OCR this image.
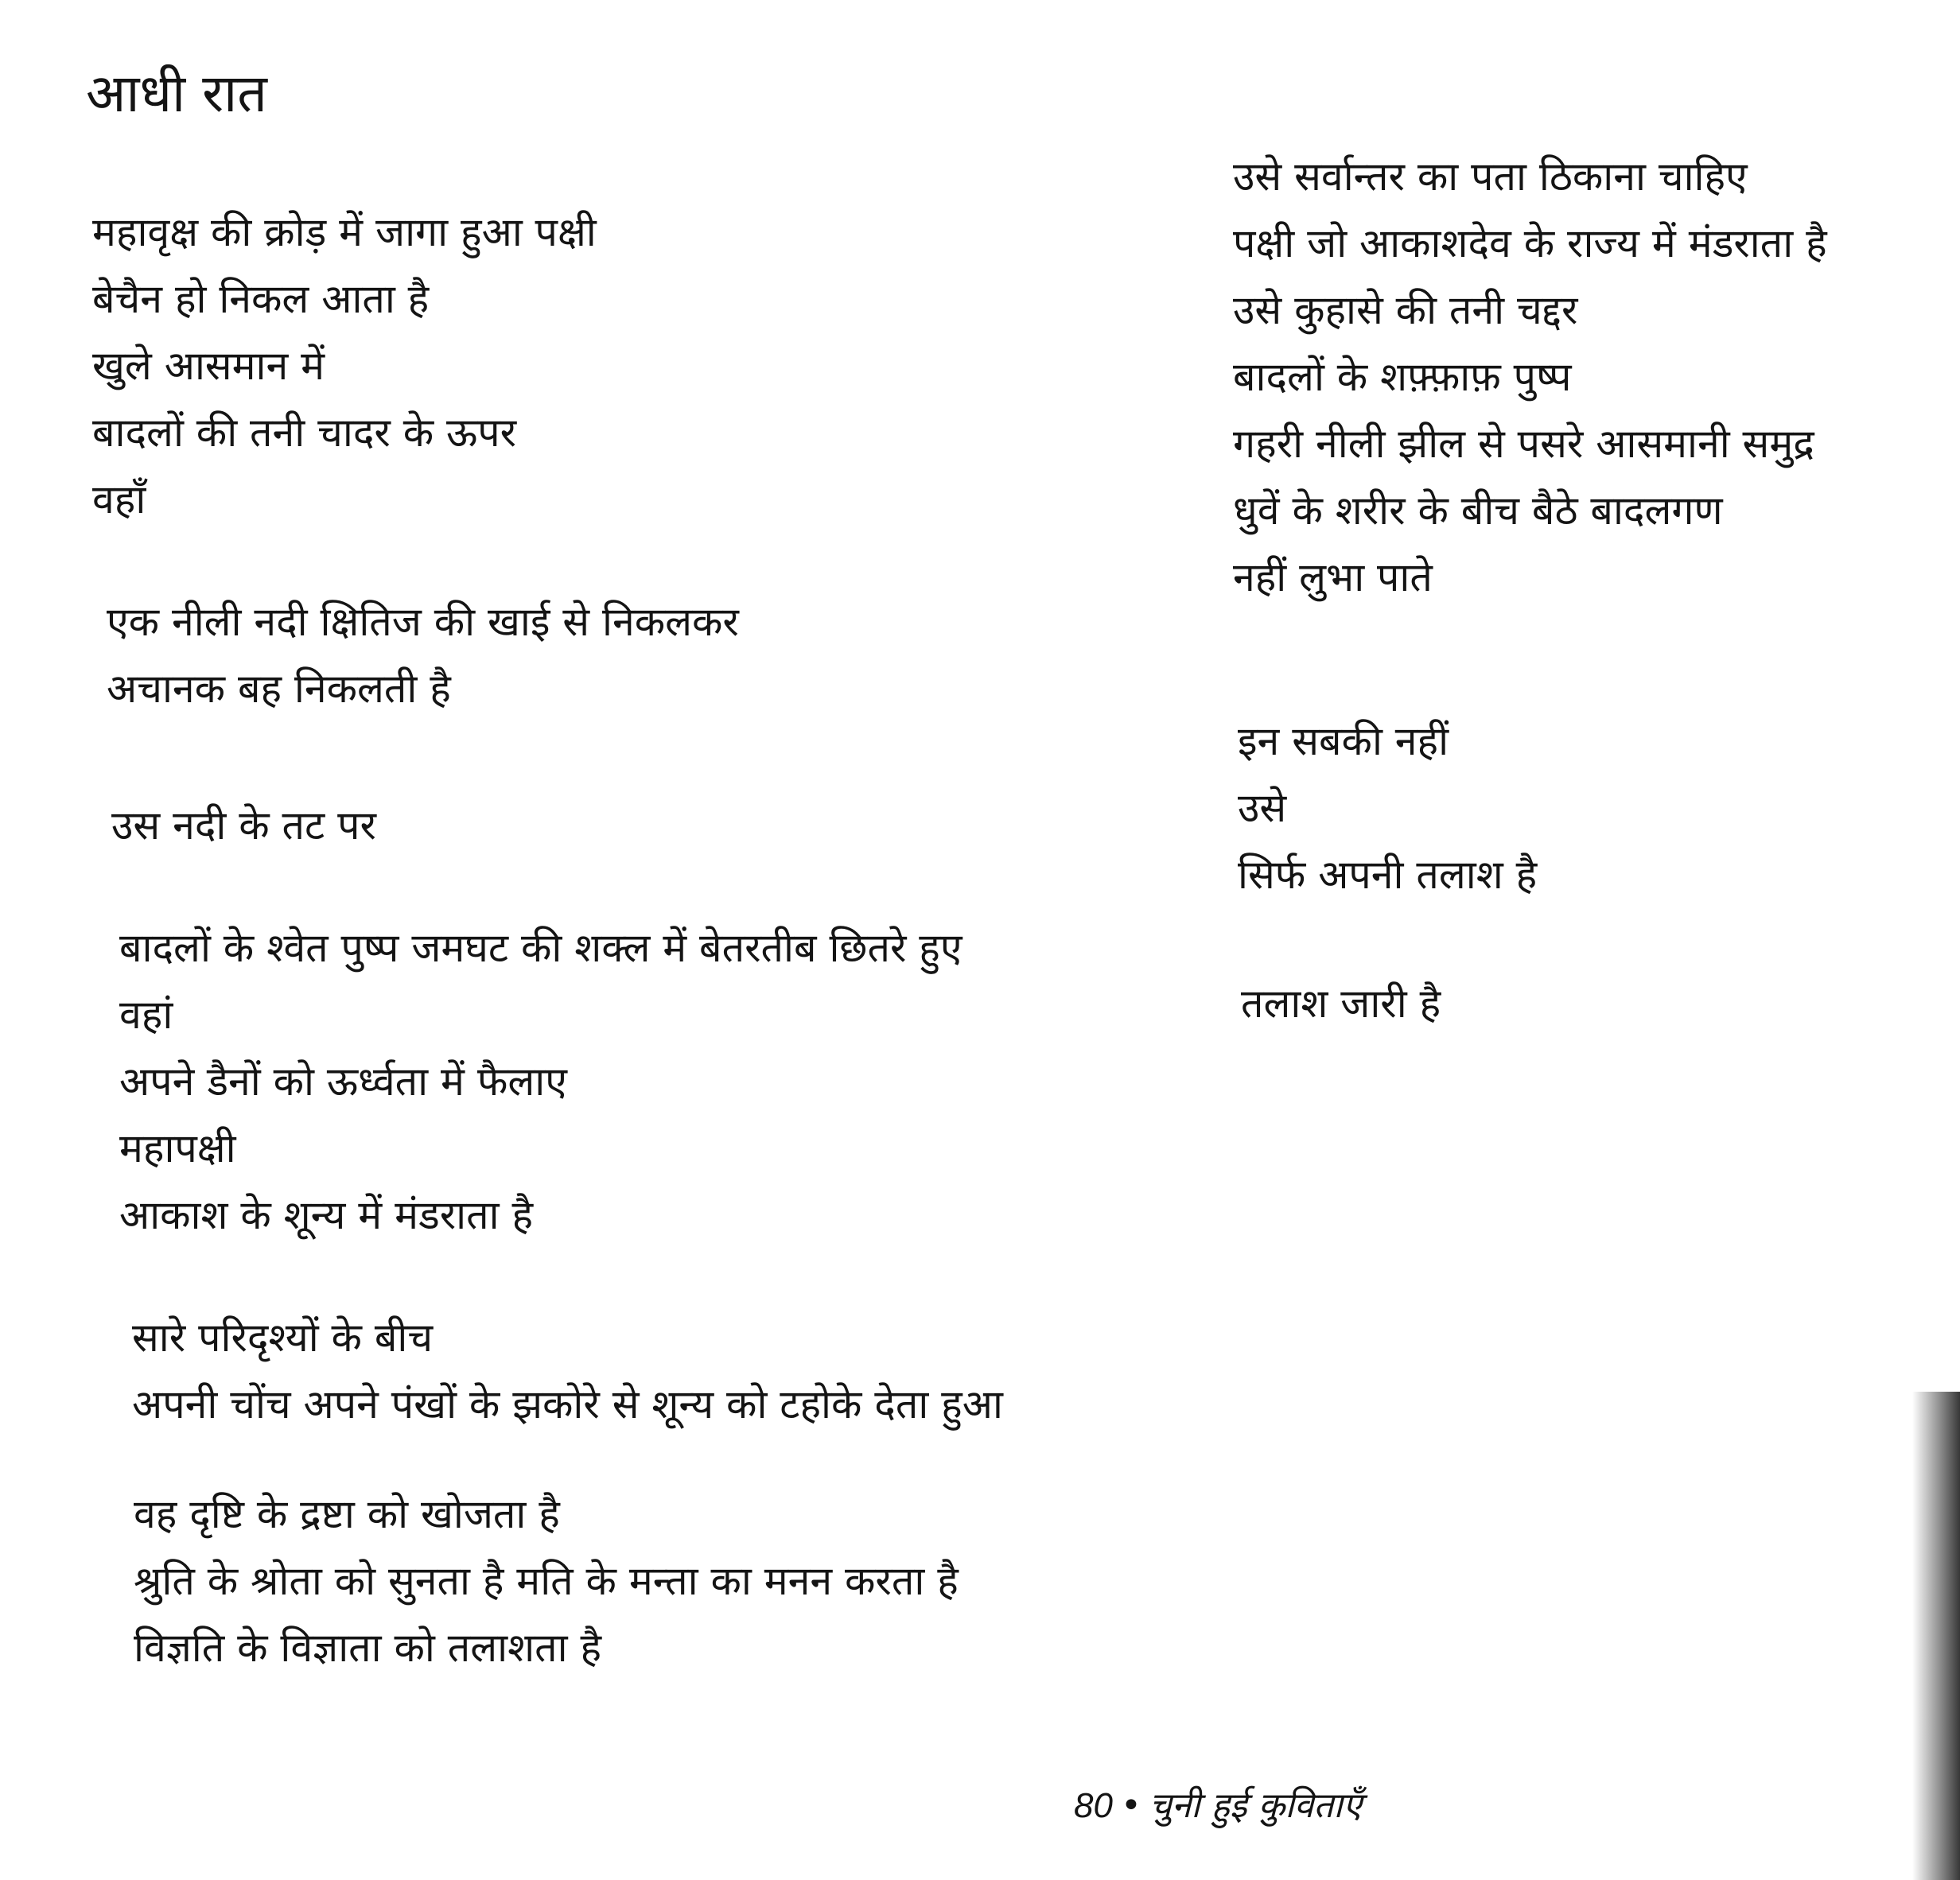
आधी रात
महावृक्ष की क्रोड़ में जागा हुआ पक्षी
बेचैन हो निकल आता है
खुले आसमान में
बादलों की तनी चादर के ऊपर
वहाँ
एक नीली नदी क्षितिज की खाई से निकलकर
अचानक बह निकलती है
उस नदी के तट पर
बादलों के श्वेत पुष्प जमघट की शक्ल में बेतरतीब छितरे हुए
वहां
अपने डैनों को ऊर्ध्वता में फैलाए
महापक्षी
आकाश के शून्य में मंडराता है
सारे परिदृश्यों के बीच
अपनी चोंच अपने पंखों के झकोरे से शून्य को टहोके देता हुआ
वह दृष्टि के द्रष्टा को खोजता है
श्रुति के श्रोता को सुनता है मति के मन्ता का मनन करता है
विज्ञति के विज्ञाता को तलाशता है
उसे सर्वान्तर का पता ठिकाना चाहिए
पक्षी जो आकाशदेव के राज्य में मंडराता है
उसे कुहासे की तनी चद्दर
बादलों के शफ़्फ़ाफ़ पुष्प
गहरी नीली झील से पसरे आसमानी समुद्र
धुवें के शरीर के बीच बैठे बादलगण
नहीं लुभा पाते
इन सबकी नहीं
उसे
सिर्फ अपनी तलाश है
तलाश जारी है
80 • चुनी हुई कुविताएँ
